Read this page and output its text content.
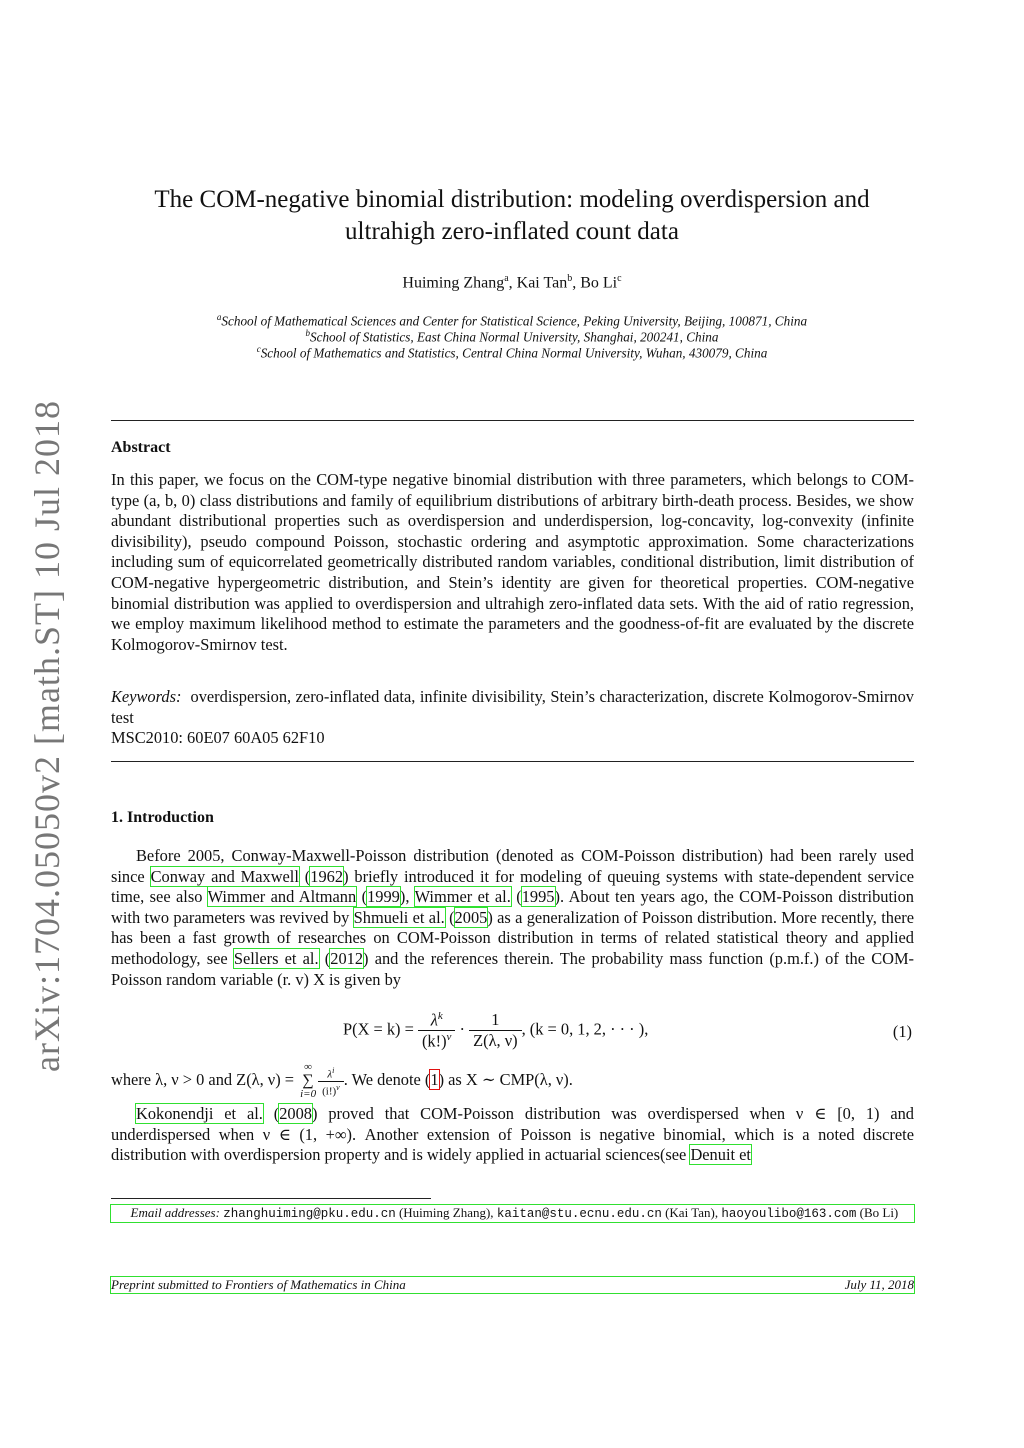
arXiv:1704.05050v2 [math.ST] 10 Jul 2018
The COM-negative binomial distribution: modeling overdispersion and
ultrahigh zero-inflated count data
Huiming Zhang$^a$, Kai Tan$^b$, Bo Li$^c$
$^a$School of Mathematical Sciences and Center for Statistical Science, Peking University, Beijing, 100871, China
$^b$School of Statistics, East China Normal University, Shanghai, 200241, China
$^c$School of Mathematics and Statistics, Central China Normal University, Wuhan, 430079, China
Abstract

In this paper, we focus on the COM-type negative binomial distribution with three parameters, which belongs to COM-type (a, b, 0) class distributions and family of equilibrium distributions of arbitrary birth-death process. Besides, we show abundant distributional properties such as overdispersion and underdispersion, log-concavity, log-convexity (infinite divisibility), pseudo compound Poisson, stochastic ordering and asymptotic approximation. Some characterizations including sum of equicorrelated geometrically distributed random variables, conditional distribution, limit distribution of COM-negative hypergeometric distribution, and Stein’s identity are given for theoretical properties. COM-negative binomial distribution was applied to overdispersion and ultrahigh zero-inflated data sets. With the aid of ratio regression, we employ maximum likelihood method to estimate the parameters and the goodness-of-fit are evaluated by the discrete Kolmogorov-Smirnov test.

Keywords: overdispersion, zero-inflated data, infinite divisibility, Stein’s characterization, discrete Kolmogorov-Smirnov test

MSC2010: 60E07 60A05 62F10

1. Introduction

Before 2005, Conway-Maxwell-Poisson distribution (denoted as COM-Poisson distribution) had been rarely used since Conway and Maxwell (1962) briefly introduced it for modeling of queuing systems with state-dependent service time, see also Wimmer and Altmann (1999), Wimmer et al. (1995). About ten years ago, the COM-Poisson distribution with two parameters was revived by Shmueli et al. (2005) as a generalization of Poisson distribution. More recently, there has been a fast growth of researches on COM-Poisson distribution in terms of related statistical theory and applied methodology, see Sellers et al. (2012) and the references therein. The probability mass function (p.m.f.) of the COM-Poisson random variable (r. v) X is given by

$P(X = k) = \frac{\lambda^k}{(k!)^\nu} \cdot \frac{1}{Z(\lambda, \nu)}$ , (k = 0, 1, 2, · · · ),	(1)

where λ, ν > 0 and Z(λ, ν) =
∞
∑
$i=0 \frac{\lambda^i}{(i!)^\nu}$ . We denote (1) as X ∼ CMP(λ, ν).

Kokonendji et al. (2008) proved that COM-Poisson distribution was overdispersed when ν ∈ [0, 1) and underdispersed when ν ∈ (1, +∞). Another extension of Poisson is negative binomial, which is a noted discrete distribution with overdispersion property and is widely applied in actuarial sciences(see Denuit et

Email addresses: zhanghuiming@pku.edu.cn (Huiming Zhang), kaitan@stu.ecnu.edu.cn (Kai Tan), haoyoulibo@163.com (Bo Li)
Preprint submitted to Frontiers of Mathematics in China	July 11, 2018
